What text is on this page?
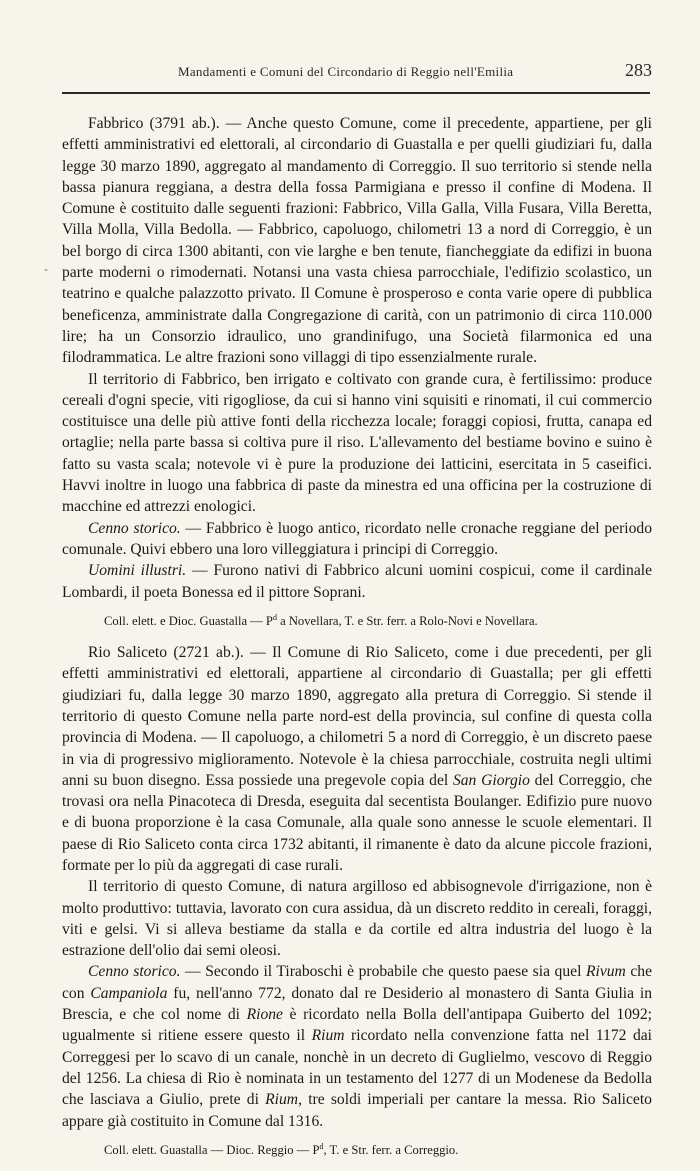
Mandamenti e Comuni del Circondario di Reggio nell'Emilia	283
-

Fabbrico (3791 ab.). — Anche questo Comune, come il precedente, appartiene, per gli effetti amministrativi ed elettorali, al circondario di Guastalla e per quelli giudiziari fu, dalla legge 30 marzo 1890, aggregato al mandamento di Correggio. Il suo territorio si stende nella bassa pianura reggiana, a destra della fossa Parmigiana e presso il confine di Modena. Il Comune è costituito dalle seguenti frazioni: Fabbrico, Villa Galla, Villa Fusara, Villa Beretta, Villa Molla, Villa Bedolla. — Fabbrico, capoluogo, chilometri 13 a nord di Correggio, è un bel borgo di circa 1300 abitanti, con vie larghe e ben tenute, fiancheggiate da edifizi in buona parte moderni o rimodernati. Notansi una vasta chiesa parrocchiale, l'edifizio scolastico, un teatrino e qualche palazzotto privato. Il Comune è prosperoso e conta varie opere di pubblica beneficenza, amministrate dalla Congregazione di carità, con un patrimonio di circa 110.000 lire; ha un Consorzio idraulico, uno grandinifugo, una Società filarmonica ed una filodrammatica. Le altre frazioni sono villaggi di tipo essenzialmente rurale.

Il territorio di Fabbrico, ben irrigato e coltivato con grande cura, è fertilissimo: produce cereali d'ogni specie, viti rigogliose, da cui si hanno vini squisiti e rinomati, il cui commercio costituisce una delle più attive fonti della ricchezza locale; foraggi copiosi, frutta, canapa ed ortaglie; nella parte bassa si coltiva pure il riso. L'allevamento del bestiame bovino e suino è fatto su vasta scala; notevole vi è pure la produzione dei latticini, esercitata in 5 caseifici. Havvi inoltre in luogo una fabbrica di paste da minestra ed una officina per la costruzione di macchine ed attrezzi enologici.

Cenno storico. — Fabbrico è luogo antico, ricordato nelle cronache reggiane del periodo comunale. Quivi ebbero una loro villeggiatura i principi di Correggio.

Uomini illustri. — Furono nativi di Fabbrico alcuni uomini cospicui, come il cardinale Lombardi, il poeta Bonessa ed il pittore Soprani.

Coll. elett. e Dioc. Guastalla — $P^d$ a Novellara, T. e Str. ferr. a Rolo-Novi e Novellara.

Rio Saliceto (2721 ab.). — Il Comune di Rio Saliceto, come i due precedenti, per gli effetti amministrativi ed elettorali, appartiene al circondario di Guastalla; per gli effetti giudiziari fu, dalla legge 30 marzo 1890, aggregato alla pretura di Correggio. Si stende il territorio di questo Comune nella parte nord-est della provincia, sul confine di questa colla provincia di Modena. — Il capoluogo, a chilometri 5 a nord di Correggio, è un discreto paese in via di progressivo miglioramento. Notevole è la chiesa parrocchiale, costruita negli ultimi anni su buon disegno. Essa possiede una pregevole copia del San Giorgio del Correggio, che trovasi ora nella Pinacoteca di Dresda, eseguita dal secentista Boulanger. Edifizio pure nuovo e di buona proporzione è la casa Comunale, alla quale sono annesse le scuole elementari. Il paese di Rio Saliceto conta circa 1732 abitanti, il rimanente è dato da alcune piccole frazioni, formate per lo più da aggregati di case rurali.

Il territorio di questo Comune, di natura argilloso ed abbisognevole d'irrigazione, non è molto produttivo: tuttavia, lavorato con cura assidua, dà un discreto reddito in cereali, foraggi, viti e gelsi. Vi si alleva bestiame da stalla e da cortile ed altra industria del luogo è la estrazione dell'olio dai semi oleosi.

Cenno storico. — Secondo il Tiraboschi è probabile che questo paese sia quel Rivum che con Campaniola fu, nell'anno 772, donato dal re Desiderio al monastero di Santa Giulia in Brescia, e che col nome di Rione è ricordato nella Bolla dell'antipapa Guiberto del 1092; ugualmente si ritiene essere questo il Rium ricordato nella convenzione fatta nel 1172 dai Correggesi per lo scavo di un canale, nonchè in un decreto di Guglielmo, vescovo di Reggio del 1256. La chiesa di Rio è nominata in un testamento del 1277 di un Modenese da Bedolla che lasciava a Giulio, prete di Rium, tre soldi imperiali per cantare la messa. Rio Saliceto appare già costituito in Comune dal 1316.

Coll. elett. Guastalla — Dioc. Reggio — $P^d$, T. e Str. ferr. a Correggio.
